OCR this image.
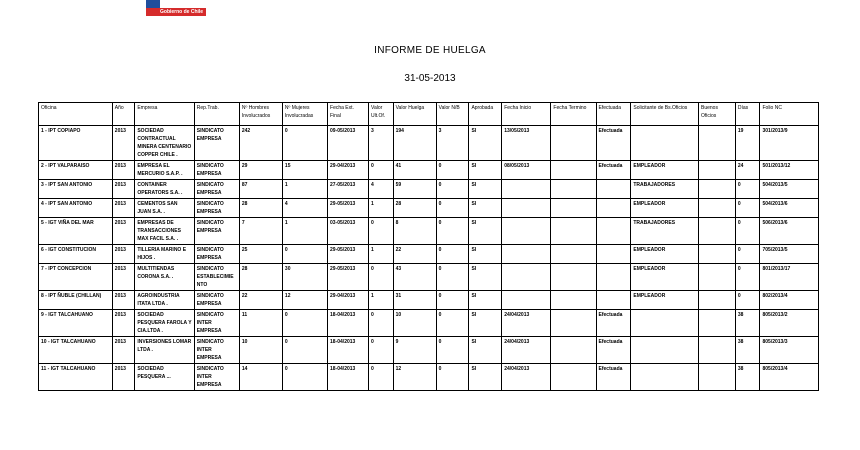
Gobierno de Chile
INFORME DE HUELGA
31-05-2013
Oficina	Año	Empresa	Rep.Trab.	Nº Hombres Involucrados	Nº Mujeres Involucradas	Fecha Ext. Final	Valor Ult.Of.	Valor Huelga	Valor N/B	Aprobada	Fecha Inicio	Fecha Termino	Efectuada	Solicitante de Bs.Oficios	Buenos Oficios	Días	Folio NC
1 - IPT COPIAPO	2013	SOCIEDAD CONTRACTUAL MINERA CENTENARIO COPPER CHILE .	SINDICATO EMPRESA	242	0	09-05/2013	3	194	3	SI	13/05/2013		Efectuada			19	301/2013/9
2 - IPT VALPARAISO	2013	EMPRESA EL MERCURIO S.A.P. .	SINDICATO EMPRESA	29	15	29-04/2013	0	41	0	SI	08/05/2013		Efectuada	EMPLEADOR		24	501/2013/12
3 - IPT SAN ANTONIO	2013	CONTAINER OPERATORS S.A. .	SINDICATO EMPRESA	87	1	27-05/2013	4	59	0	SI				TRABAJADORES		0	504/2013/5
4 - IPT SAN ANTONIO	2013	CEMENTOS SAN JUAN S.A. .	SINDICATO EMPRESA	28	4	29-05/2013	1	28	0	SI				EMPLEADOR		0	504/2013/6
5 - IGT VIÑA DEL MAR	2013	EMPRESAS DE TRANSACCIONES MAX FACIL S.A. .	SINDICATO EMPRESA	7	1	03-05/2013	0	8	0	SI				TRABAJADORES		0	506/2013/6
6 - IGT CONSTITUCION	2013	TILLERIA MARINO E HIJOS .	SINDICATO EMPRESA	25	0	29-05/2013	1	22	0	SI				EMPLEADOR		0	705/2013/5
7 - IPT CONCEPCION	2013	MULTITIENDAS CORONA S.A. .	SINDICATO ESTABLECIMIENTO	28	30	29-05/2013	0	43	0	SI				EMPLEADOR		0	801/2013/17
8 - IPT ÑUBLE (CHILLAN)	2013	AGROINDUSTRIA ITATA LTDA .	SINDICATO EMPRESA	22	12	29-04/2013	1	31	0	SI				EMPLEADOR		0	802/2013/4
9 - IGT TALCAHUANO	2013	SOCIEDAD PESQUERA FAROLA Y CIA.LTDA .	SINDICATO INTER EMPRESA	11	0	18-04/2013	0	10	0	SI	24/04/2013		Efectuada			38	805/2013/2
10 - IGT TALCAHUANO	2013	INVERSIONES LOMAR LTDA .	SINDICATO INTER EMPRESA	10	0	18-04/2013	0	9	0	SI	24/04/2013		Efectuada			38	805/2013/3
11 - IGT TALCAHUANO	2013	SOCIEDAD PESQUERA ...	SINDICATO INTER EMPRESA	14	0	18-04/2013	0	12	0	SI	24/04/2013		Efectuada			38	805/2013/4
